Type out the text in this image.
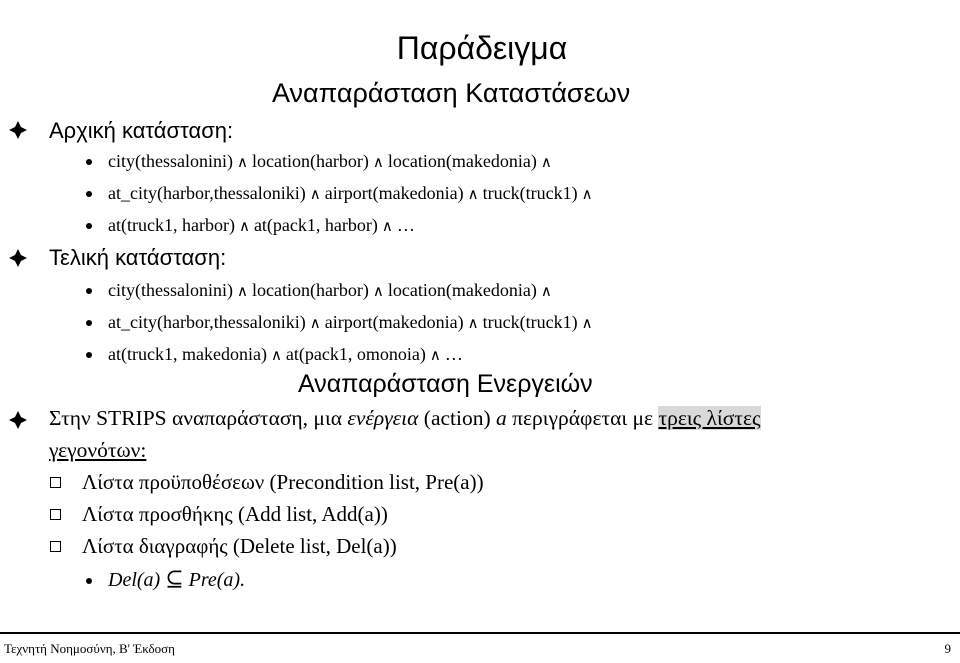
Παράδειγμα
Αναπαράσταση Καταστάσεων
Αρχική κατάσταση:
city(thessalonini) ∧ location(harbor) ∧ location(makedonia) ∧
at_city(harbor,thessaloniki) ∧ airport(makedonia) ∧ truck(truck1) ∧
at(truck1, harbor) ∧ at(pack1, harbor) ∧ …
Τελική κατάσταση:
city(thessalonini) ∧ location(harbor) ∧ location(makedonia) ∧
at_city(harbor,thessaloniki) ∧ airport(makedonia) ∧ truck(truck1) ∧
at(truck1, makedonia) ∧ at(pack1, omonoia) ∧ …
Αναπαράσταση Ενεργειών
Στην STRIPS αναπαράσταση, μια ενέργεια (action) a περιγράφεται με τρεις λίστες
γεγονότων:
Λίστα προϋποθέσεων (Precondition list, Pre(a))
Λίστα προσθήκης (Add list, Add(a))
Λίστα διαγραφής (Delete list, Del(a))
Del(a) ⊆ Pre(a).
Τεχνητή Νοημοσύνη, B' Έκδοση	9
